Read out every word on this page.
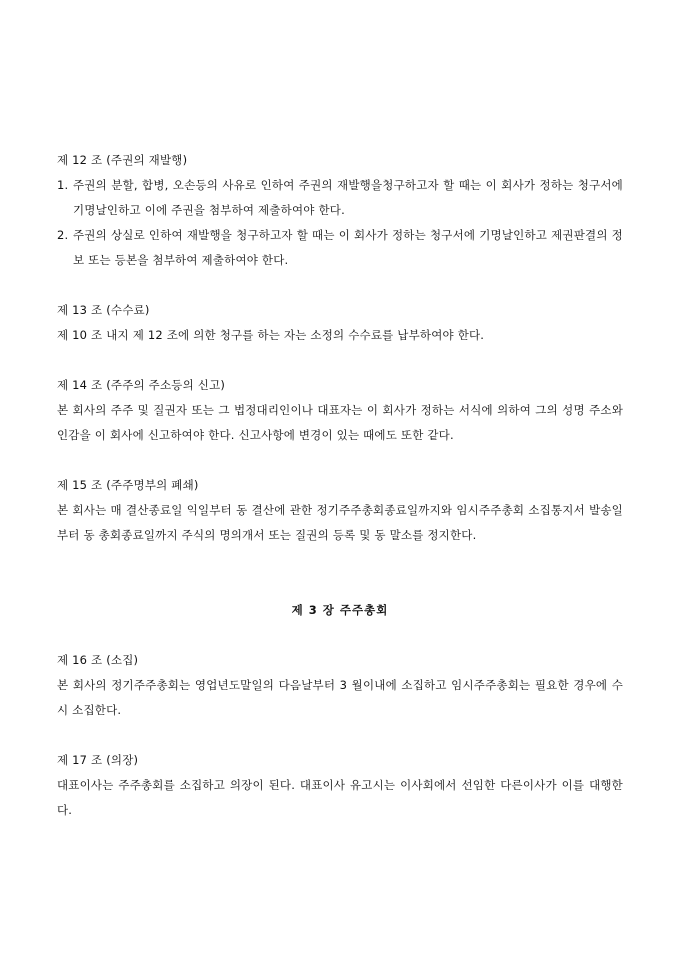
제 12 조 (주권의 재발행)
1. 주권의 분할, 합병, 오손등의 사유로 인하여 주권의 재발행을청구하고자 할 때는 이 회사가 정하는 청구서에 기명날인하고 이에 주권을 첨부하여 제출하여야 한다.
2. 주권의 상실로 인하여 재발행을 청구하고자 할 때는 이 회사가 정하는 청구서에 기명날인하고 제권판결의 정보 또는 등본을 첨부하여 제출하여야 한다.
제 13 조 (수수료)
제 10 조 내지 제 12 조에 의한 청구를 하는 자는 소정의 수수료를 납부하여야 한다.
제 14 조 (주주의 주소등의 신고)
본 회사의 주주 및 질권자 또는 그 법정대리인이나 대표자는 이 회사가 정하는 서식에 의하여 그의 성명 주소와 인감을 이 회사에 신고하여야 한다. 신고사항에 변경이 있는 때에도 또한 같다.
제 15 조 (주주명부의 폐쇄)
본 회사는 매 결산종료일 익일부터 동 결산에 관한 정기주주총회종료일까지와 임시주주총회 소집통지서 발송일부터 동 총회종료일까지 주식의 명의개서 또는 질권의 등록 및 동 말소를 정지한다.
제 3 장 주주총회
제 16 조 (소집)
본 회사의 정기주주총회는 영업년도말일의 다음날부터 3 월이내에 소집하고 임시주주총회는 필요한 경우에 수시 소집한다.
제 17 조 (의장)
대표이사는 주주총회를 소집하고 의장이 된다. 대표이사 유고시는 이사회에서 선임한 다른이사가 이를 대행한다.
